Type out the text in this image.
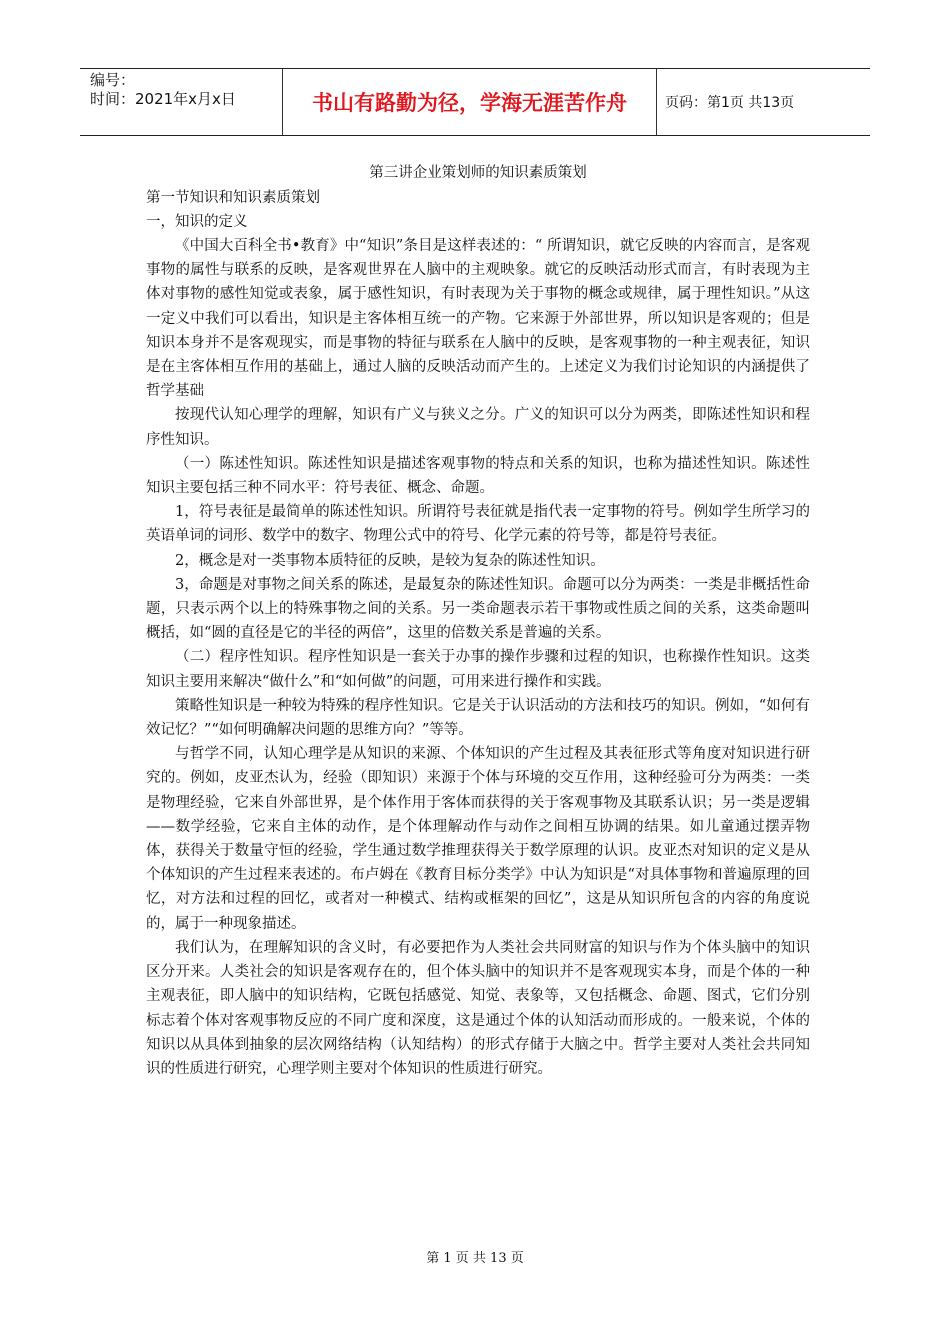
编号：
时间：2021年x月x日	书山有路勤为径，学海无涯苦作舟	页码：第1页 共13页

第三讲企业策划师的知识素质策划

第一节知识和知识素质策划

一，知识的定义

《中国大百科全书•教育》中“知识”条目是这样表述的：“ 所谓知识，就它反映的内容而言，是客观事物的属性与联系的反映，是客观世界在人脑中的主观映象。就它的反映活动形式而言，有时表现为主体对事物的感性知觉或表象，属于感性知识，有时表现为关于事物的概念或规律，属于理性知识。”从这一定义中我们可以看出，知识是主客体相互统一的产物。它来源于外部世界，所以知识是客观的；但是知识本身并不是客观现实，而是事物的特征与联系在人脑中的反映，是客观事物的一种主观表征，知识是在主客体相互作用的基础上，通过人脑的反映活动而产生的。上述定义为我们讨论知识的内涵提供了哲学基础

按现代认知心理学的理解，知识有广义与狭义之分。广义的知识可以分为两类，即陈述性知识和程序性知识。

（一）陈述性知识。陈述性知识是描述客观事物的特点和关系的知识，也称为描述性知识。陈述性知识主要包括三种不同水平：符号表征、概念、命题。

1，符号表征是最简单的陈述性知识。所谓符号表征就是指代表一定事物的符号。例如学生所学习的英语单词的词形、数学中的数字、物理公式中的符号、化学元素的符号等，都是符号表征。

2，概念是对一类事物本质特征的反映，是较为复杂的陈述性知识。

3，命题是对事物之间关系的陈述，是最复杂的陈述性知识。命题可以分为两类：一类是非概括性命题，只表示两个以上的特殊事物之间的关系。另一类命题表示若干事物或性质之间的关系，这类命题叫概括，如“圆的直径是它的半径的两倍”，这里的倍数关系是普遍的关系。

（二）程序性知识。程序性知识是一套关于办事的操作步骤和过程的知识，也称操作性知识。这类知识主要用来解决“做什么”和“如何做”的问题，可用来进行操作和实践。

策略性知识是一种较为特殊的程序性知识。它是关于认识活动的方法和技巧的知识。例如，“如何有效记忆？”“如何明确解决问题的思维方向？”等等。

与哲学不同，认知心理学是从知识的来源、个体知识的产生过程及其表征形式等角度对知识进行研究的。例如，皮亚杰认为，经验（即知识）来源于个体与环境的交互作用，这种经验可分为两类：一类是物理经验，它来自外部世界，是个体作用于客体而获得的关于客观事物及其联系认识；另一类是逻辑——数学经验，它来自主体的动作，是个体理解动作与动作之间相互协调的结果。如儿童通过摆弄物体，获得关于数量守恒的经验，学生通过数学推理获得关于数学原理的认识。皮亚杰对知识的定义是从个体知识的产生过程来表述的。布卢姆在《教育目标分类学》中认为知识是“对具体事物和普遍原理的回忆，对方法和过程的回忆，或者对一种模式、结构或框架的回忆”，这是从知识所包含的内容的角度说的，属于一种现象描述。

我们认为，在理解知识的含义时，有必要把作为人类社会共同财富的知识与作为个体头脑中的知识区分开来。人类社会的知识是客观存在的，但个体头脑中的知识并不是客观现实本身，而是个体的一种主观表征，即人脑中的知识结构，它既包括感觉、知觉、表象等，又包括概念、命题、图式，它们分别标志着个体对客观事物反应的不同广度和深度，这是通过个体的认知活动而形成的。一般来说，个体的知识以从具体到抽象的层次网络结构（认知结构）的形式存储于大脑之中。哲学主要对人类社会共同知识的性质进行研究，心理学则主要对个体知识的性质进行研究。

第 1 页 共 13 页
